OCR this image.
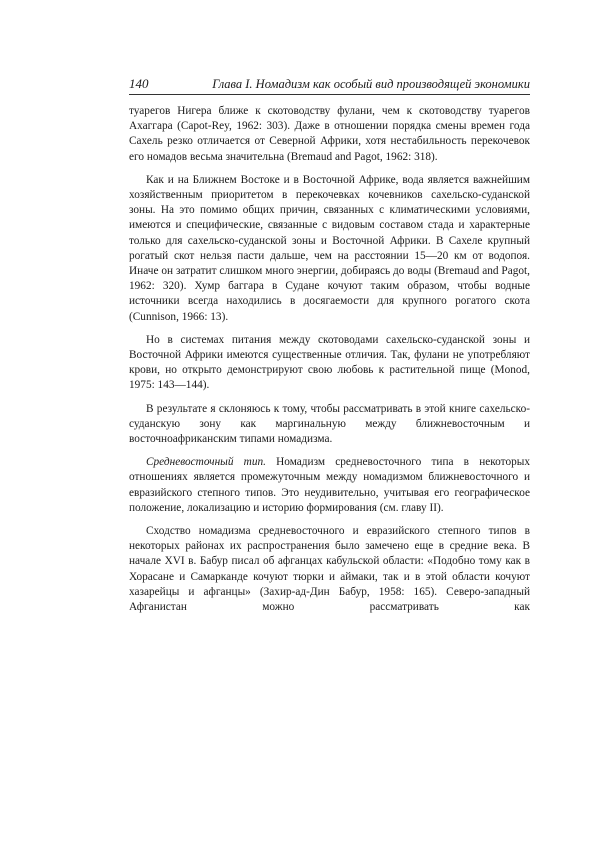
140	Глава I. Номадизм как особый вид производящей экономики

туарегов Нигера ближе к скотоводству фулани, чем к скотоводству туарегов Ахаггара (Capot-Rey, 1962: 303). Даже в отношении порядка смены времен года Сахель резко отличается от Северной Африки, хотя нестабильность перекочевок его номадов весьма значительна (Bremaud and Pagot, 1962: 318).

Как и на Ближнем Востоке и в Восточной Африке, вода является важнейшим хозяйственным приоритетом в перекочевках кочевников сахельско-суданской зоны. На это помимо общих причин, связанных с климатическими условиями, имеются и специфические, связанные с видовым составом стада и характерные только для сахельско-суданской зоны и Восточной Африки. В Сахеле крупный рогатый скот нельзя пасти дальше, чем на расстоянии 15—20 км от водопоя. Иначе он затратит слишком много энергии, добираясь до воды (Bremaud and Pagot, 1962: 320). Хумр баггара в Судане кочуют таким образом, чтобы водные источники всегда находились в досягаемости для крупного рогатого скота (Cunnison, 1966: 13).

Но в системах питания между скотоводами сахельско-суданской зоны и Восточной Африки имеются существенные отличия. Так, фулани не употребляют крови, но открыто демонстрируют свою любовь к растительной пище (Monod, 1975: 143—144).

В результате я склоняюсь к тому, чтобы рассматривать в этой книге сахельско-суданскую зону как маргинальную между ближневосточным и восточноафриканским типами номадизма.

Средневосточный тип. Номадизм средневосточного типа в некоторых отношениях является промежуточным между номадизмом ближневосточного и евразийского степного типов. Это неудивительно, учитывая его географическое положение, локализацию и историю формирования (см. главу II).

Сходство номадизма средневосточного и евразийского степного типов в некоторых районах их распространения было замечено еще в средние века. В начале XVI в. Бабур писал об афганцах кабульской области: «Подобно тому как в Хорасане и Самарканде кочуют тюрки и аймаки, так и в этой области кочуют хазарейцы и афганцы» (Захир-ад-Дин Бабур, 1958: 165). Северо-западный Афганистан можно рассматривать как
